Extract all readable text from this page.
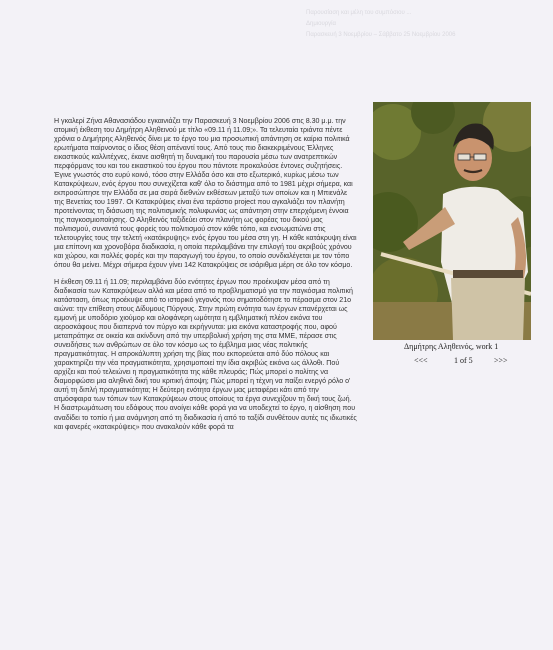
Παρουσίαση και μέλη του συμπόσιου ...
Δημιουργία
Παρασκευή 3 Νοεμβρίου – Σάββατο 25 Νοεμβρίου 2006

Η γκαλερί Ζήνα Αθανασιάδου εγκαινιάζει την Παρασκευή 3 Νοεμβρίου 2006 στις 8.30 μ.μ. την ατομική έκθεση του Δημήτρη Αληθεινού με τίτλο «09.11 ή 11.09;». Τα τελευταία τριάντα πέντε χρόνια ο Δημήτρης Αληθεινός δίνει με το έργο του μια προσωπική απάντηση σε καίρια πολιτικά ερωτήματα παίρνοντας ο ίδιος θέση απέναντί τους. Από τους πιο διακεκριμένους Έλληνες εικαστικούς καλλιτέχνες, έκανε αισθητή τη δυναμική του παρουσία μέσω των ανατρεπτικών περφόρμανς του και του εικαστικού του έργου που πάντοτε προκαλούσε έντονες συζητήσεις. Έγινε γνωστός στο ευρύ κοινό, τόσο στην Ελλάδα όσο και στο εξωτερικό, κυρίως μέσω των Κατακρύψεων, ενός έργου που συνεχίζεται καθ' όλο το διάστημα από το 1981 μέχρι σήμερα, και εκπροσώπησε την Ελλάδα σε μια σειρά διεθνών εκθέσεων μεταξύ των οποίων και η Μπιενάλε της Βενετίας του 1997. Οι Κατακρύψεις είναι ένα τεράστιο project που αγκαλιάζει τον πλανήτη προτείνοντας τη διάσωση της πολιτισμικής πολυφωνίας ως απάντηση στην επερχόμενη έννοια της παγκοσμιοποίησης. Ο Αληθεινός ταξιδεύει στον πλανήτη ως φορέας του δικού μας πολιτισμού, συναντά τους φορείς του πολιτισμού στον κάθε τόπο, και ενσωματώνει στις τελετουργίες τους την τελετή «κατάκρυψης» ενός έργου του μέσα στη γη. Η κάθε κατάκρυψη είναι μια επίπονη και χρονοβόρα διαδικασία, η οποία περιλαμβάνει την επιλογή του ακριβούς χρόνου και χώρου, και πολλές φορές και την παραγωγή του έργου, το οποίο συνδιαλέγεται με τον τόπο όπου θα μείνει. Μέχρι σήμερα έχουν γίνει 142 Κατακρύψεις σε ισάριθμα μέρη σε όλο τον κόσμο.

Η έκθεση 09.11 ή 11.09; περιλαμβάνει δύο ενότητες έργων που προέκυψαν μέσα από τη διαδικασία των Κατακρύψεων αλλά και μέσα από το προβληματισμό για την παγκόσμια πολιτική κατάσταση, όπως προέκυψε από το ιστορικό γεγονός που σηματοδότησε το πέρασμα στον 21ο αιώνα: την επίθεση στους Δίδυμους Πύργους. Στην πρώτη ενότητα των έργων επανέρχεται ως εμμονή με υποδόριο χιούμορ και ολοφάνερη ωμότητα η εμβληματική πλέον εικόνα του αεροσκάφους που διαπερνά τον πύργο και εκρήγνυται: μια εικόνα καταστροφής που, αφού μεταπράτηκε σε οικεία και ακίνδυνη από την υπερβολική χρήση της στα ΜΜΕ, πέρασε στις συνειδήσεις των ανθρώπων σε όλο τον κόσμο ως το έμβλημα μιας νέας πολιτικής πραγματικότητας. Η απροκάλυπτη χρήση της βίας που εκπορεύεται από δύο πόλους και χαρακτηρίζει την νέα πραγματικότητα, χρησιμοποιεί την ίδια ακριβώς εικόνα ως άλλοθι. Πού αρχίζει και πού τελειώνει η πραγματικότητα της κάθε πλευράς; Πώς μπορεί ο πολίτης να διαμορφώσει μια αληθινά δική του κριτική άποψη; Πώς μπορεί η τέχνη να παίξει ενεργό ρόλο ο' αυτή τη διπλή πραγματικότητα; Η δεύτερη ενότητα έργων μας μεταφέρει κάτι από την ατμόσφαιρα των τόπων των Κατακρύψεων στους οποίους τα έργα συνεχίζουν τη δική τους ζωή. Η διαστρωμάτωση του εδάφους που ανοίγει κάθε φορά για να υποδεχτεί το έργο, η αίσθηση που αναδίδει το τοπίο ή μια ανάμνηση από τη διαδικασία ή από το ταξίδι συνθέτουν αυτές τις ιδιωτικές και φανερές «κατακρύψεις» που ανακαλούν κάθε φορά τα

Δημήτρης Αληθεινός, work 1
<<<	1 of 5	>>>
